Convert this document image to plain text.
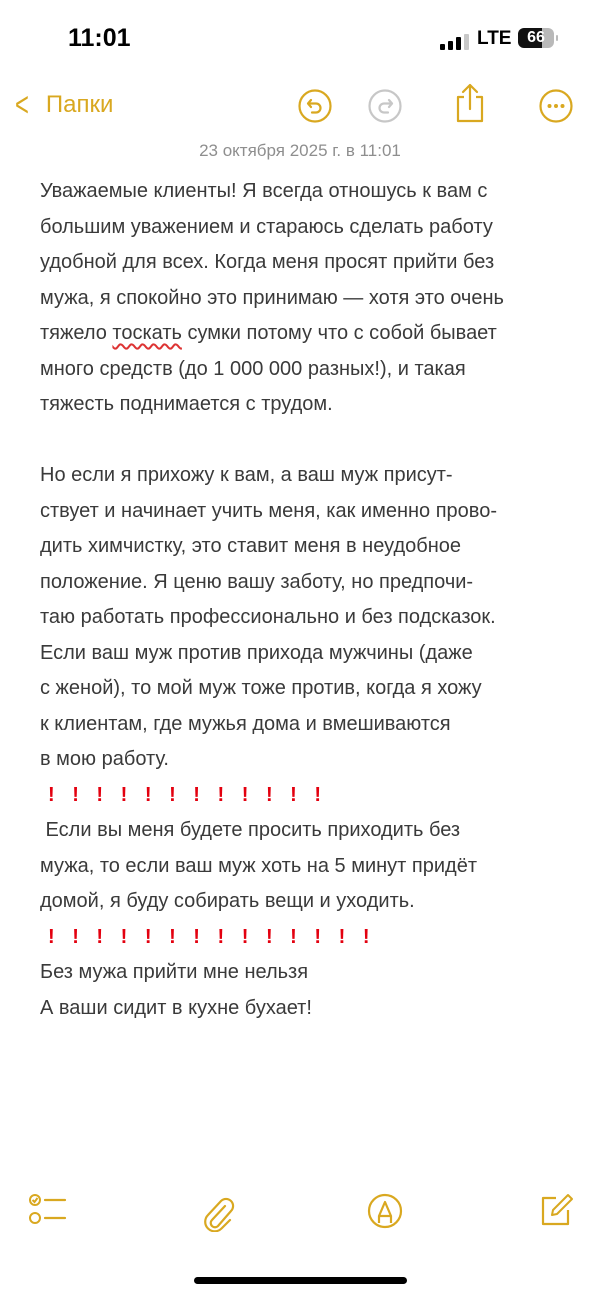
11:01	LTE 66
< Папки
23 октября 2025 г. в 11:01
Уважаемые клиенты! Я всегда отношусь к вам с
большим уважением и стараюсь сделать работу
удобной для всех. Когда меня просят прийти без
мужа, я спокойно это принимаю — хотя это очень
тяжело тоскать сумки потому что с собой бывает
много средств (до 1 000 000 разных!), и такая
тяжесть поднимается с трудом.
Но если я прихожу к вам, а ваш муж присут-
ствует и начинает учить меня, как именно прово-
дить химчистку, это ставит меня в неудобное
положение. Я ценю вашу заботу, но предпочи-
таю работать профессионально и без подсказок.
Если ваш муж против прихода мужчины (даже
с женой), то мой муж тоже против, когда я хожу
к клиентам, где мужья дома и вмешиваются
в мою работу.
! ! ! ! ! ! ! ! ! ! ! !
Если вы меня будете просить приходить без
мужа, то если ваш муж хоть на 5 минут придёт
домой, я буду собирать вещи и уходить.
! ! ! ! ! ! ! ! ! ! ! ! ! !
Без мужа прийти мне нельзя
А ваши сидит в кухне бухает!
